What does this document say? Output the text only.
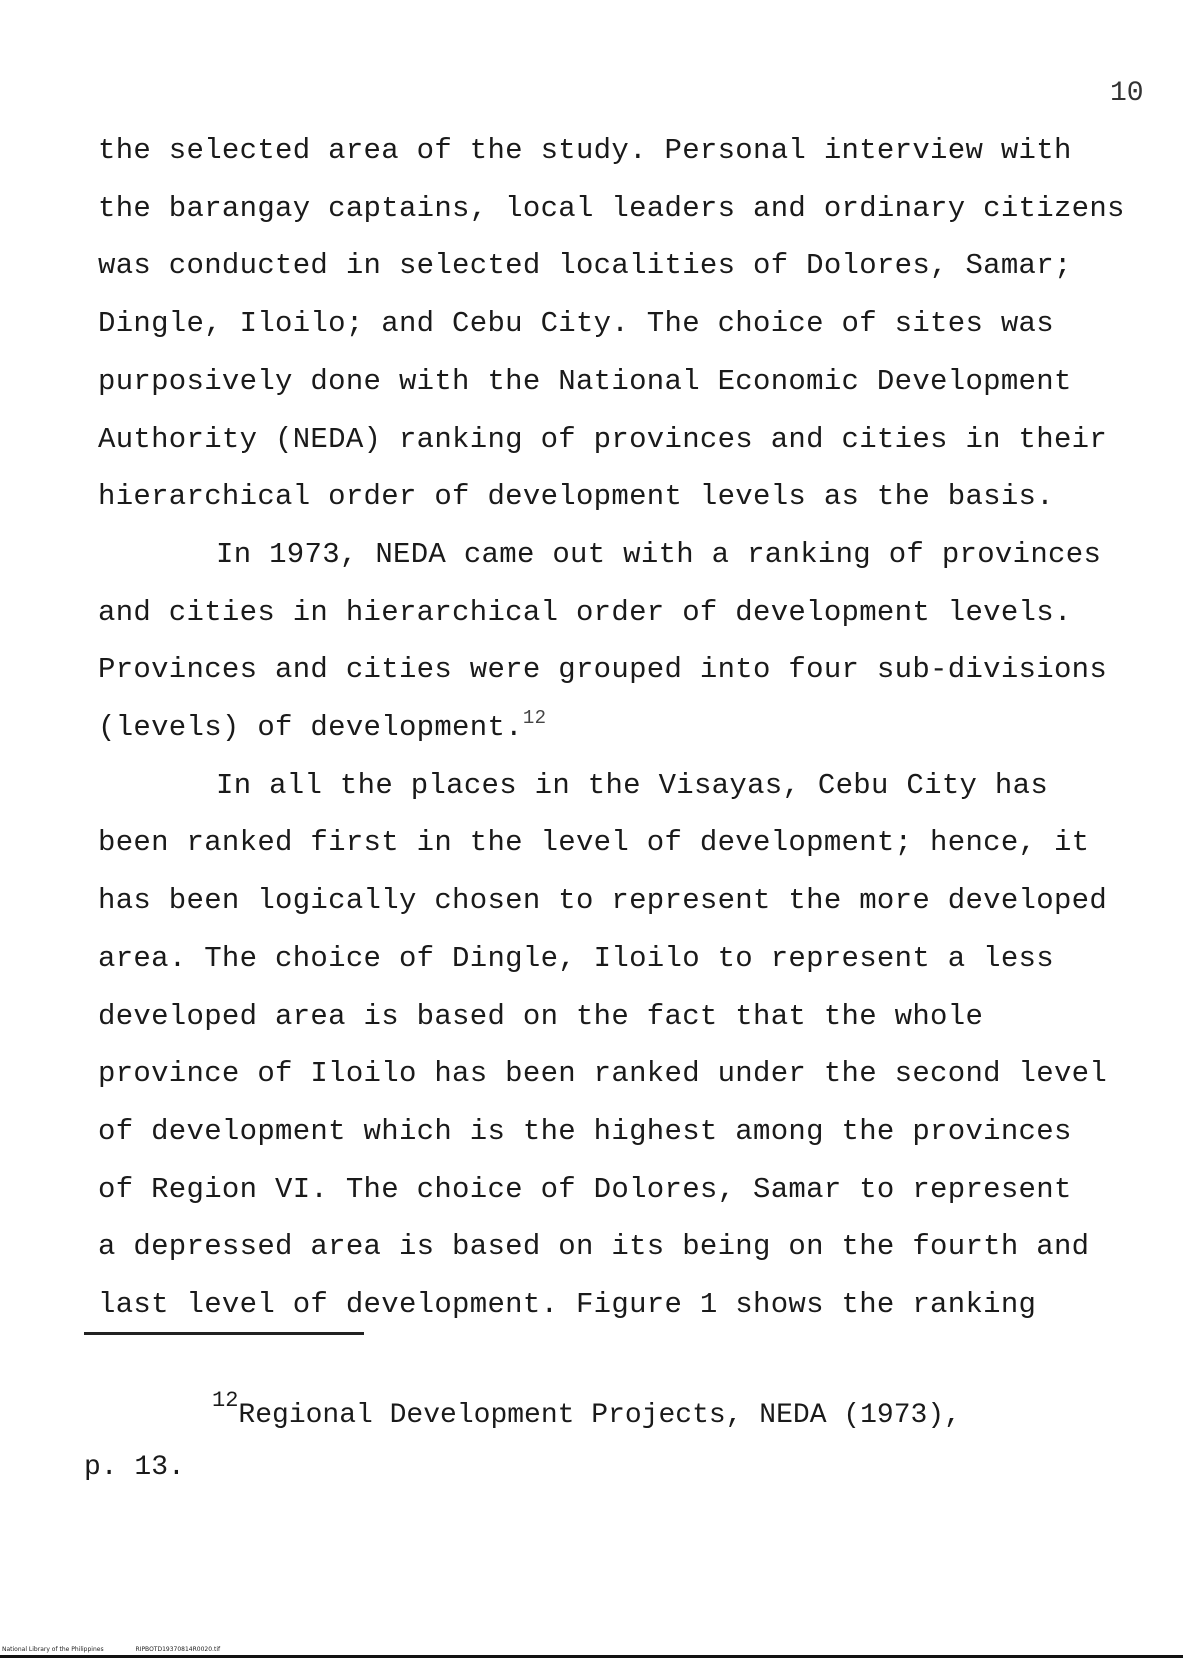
10
the selected area of the study. Personal interview with
the barangay captains, local leaders and ordinary citizens
was conducted in selected localities of Dolores, Samar;
Dingle, Iloilo; and Cebu City. The choice of sites was
purposively done with the National Economic Development
Authority (NEDA) ranking of provinces and cities in their
hierarchical order of development levels as the basis.
In 1973, NEDA came out with a ranking of provinces
and cities in hierarchical order of development levels.
Provinces and cities were grouped into four sub-divisions
(levels) of development.$^{12}$
In all the places in the Visayas, Cebu City has
been ranked first in the level of development; hence, it
has been logically chosen to represent the more developed
area. The choice of Dingle, Iloilo to represent a less
developed area is based on the fact that the whole
province of Iloilo has been ranked under the second level
of development which is the highest among the provinces
of Region VI. The choice of Dolores, Samar to represent
a depressed area is based on its being on the fourth and
last level of development. Figure 1 shows the ranking
$^{12}$Regional Development Projects, NEDA (1973),
p. 13.
National Library of the Philippines	RIPBOTD19370814R0020.tif
